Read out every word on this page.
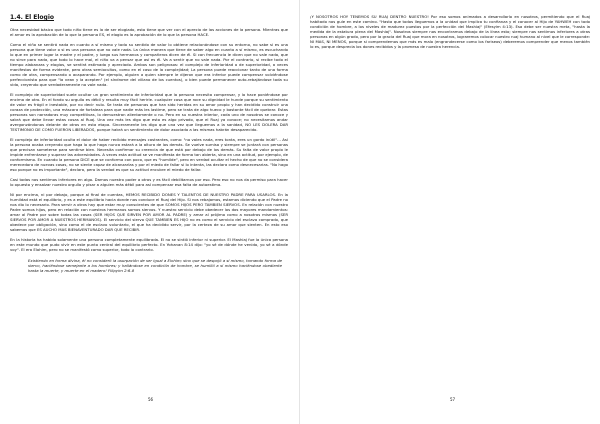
1.4. El Elogio

Otra necesidad básica que todo niño tiene es la de ser elogiado, esto tiene que ver con el aprecio de las acciones de la persona. Mientras que el amor es la aprobación de lo que la persona ES, el elogio es la aprobación de lo que la persona HACE.

Como el niño se sentirá nada en cuanto a sí mismo y todo su sentido de valor lo obtiene relacionándose con su entorno, no sabe si es una persona que tiene valor o si es una persona que no vale nada. La única manera que tiene de saber algo en cuanto a sí mismo, es escuchando lo que en primer lugar la madre y el padre, y luego sus hermanos y compañeros dicen de él. Si con frecuencia le dicen que no vale nada, que no sirve para nada, que todo lo hace mal, el niño va a pensar que así es él. Va a sentir que no vale nada. Por el contrario, si recibe todo el tiempo alabanzas y elogios, se sentirá estimado y apreciado. Ambos son peligrosos: el complejo de inferioridad o de superioridad, a veces manifestos de forma evidente, pero otras semiocultos, como en el caso de la complejidad; La persona puede reaccionar tanto de una forma como de otra, compensando o acaparando. Por ejemplo, alguien a quien siempre le dijeron que era inferior puede compensar volviéndose perfeccionista para que "la vean y la acepten" (el síndrome del villano de los cuentos), o bien puede permanecer auto-rebajándose toda su vida, creyendo que verdaderamente no vale nada.

El complejo de superioridad suele ocultar un gran sentimiento de inferioridad que la persona necesita compensar, y lo hace poniéndose por encima de otro. En el fondo su orgullo es débil y resulta muy fácil herirle. cualquier cosa que roce su dignidad le hunde porque su sentimiento de valor es frágil e inestable, por no decir nulo. Se trata de personas que han sido heridas en su amor propio y han decidido construir una coraza de protección, una máscara de fortaleza para que nadie más les lastime, pero se trata de algo hueco y bastante fácil de quebrar. Estas personas son narradoras muy competitivas, lo demuestran alientamente o no. Pero en su nuestra interior, cada uno de nosotros se conoce y sabrá que debe llevar estas cosas al Ruaj. Una vez más les digo que esto es algo privado, que el Ruaj ya conoce; no necesitamos andar avergonzándonos delante de otros en esta etapa. Sinceramente les digo que una vez que lleguemos a la sanidad, NO LES DOLERA DAR TESTIMONIO DE COMO FUERON LIBERADOS, porque habrá un sentimiento de dolor asociado a las mismas habrán desaparecido.

El complejo de inferioridad oculta el dolor de haber recibido mensajes castrantes, como: "no vales nada, eres tonta, eres un gordo inútil"… Así la persona acaba creyendo que haga lo que haga nunca estará a la altura de los demás. Se vuelve sumisa y siempre se juntará con personas que precisan someterse para sentirse bien. Necesita confirmar su creencia de que está por debajo de los demás. Su falta de valor propio le impide enfrentarse y superar las adversidades. A veces esta actitud se ve manifiesta de forma tan abierta, sino en una actitud, por ejemplo, de conformismo. En cuando la persona DICE que se conforma con poco, que es "humilde", pero en verdad ocultar el hecho de que no se considera merecedora de nuevas cosas, no se siente capaz de alcanzarlas y por el miedo de fallar si lo intenta, las declara como desnecesarias. "No hago eso porque no es importante", declara, pero la verdad es que su actitud encubre el miedo de fallar.

Casi todas nos sentimos inferiores en algo. Damos nuestro poder a otros y es fácil debilitarnos por eso. Pero eso no nos da permiso para hacer lo opuesto y ensalzar nuestro orgullo y pisar a alguien más débil para así compensar esa falta de autoestima.

Ni por encima, ni por debajo, porque al final de cuentas, HEMOS RECIBIDO DONES Y TALENTOS DE NUESTRO PADRE PARA USARLOS. En la humildad está el equilibrio, y es a este equilibrio hacia donde nos conduce el Ruaj del Hijo. Si nos rebajamos, estamos diciendo que el Padre no nos dio lo necesario. Para servir a otros hay que estar muy conscientes de que SOMOS HIJOS PERO TAMBIEN SIERVOS. En relación con nuestro Padre somos hijos, pero en relación con nuestros hermanos somos siervos. Y nuestro servicio debe obedecer los dos mayores mandamientos: amar al Padre por sobre todas las cosas (SER HIJOS QUE SIRVEN POR AMOR AL PADRE) y amar al prójimo como a nosotros mismos (SER SIERVOS POR AMOR A NUESTROS HERMANOS). El servicio del siervo QUE TAMBIEN ES HIJO no es como el servicio del esclavo comprado, que obedece por obligación, sino como el de esclavo voluntario, el que ha decidido servir, por la certeza de su amor que sienten. En esto eso sabemos que ES AUCHO MAS BIENAVENTURADO DAR QUE RECIBIR.

En la historia ha habido solamente una persona completamente equilibrada. El no se sintió inferior ni superior. El Mashiaj fue la única persona en este mundo que pudo vivir en este punto central del equilibrio perfecto. En Yohanan 8:14 dijo: "yo sé de dónde he venido, yo sé a dónde voy". El era Elohim, pero no se manifestó como superior, todo lo contrario.

Existiendo en forma divina, él no consideró la usurpación de ser igual a Elohim; sino que se despojó a sí mismo, tomando forma de siervo, haciéndose semejante a los hombres; y hallándose en condición de hombre, se humilló a sí mismo haciéndose obediente hasta la muerte, y muerte en el madero! Filipyim 2:6-8

56

¡Y NOSOTROS HOY TENEMOS SU RUAJ DENTRO NUESTRO! Por eso somos animados a desarrollarlo en nosotros, permitiendo que el Ruaj habitado nos guíe en este camino. "Hasta que todos lleguemos a la unidad que implica tu confianza y el conocer al Hijo de YAHWEH con todo condición de hombre, a los niveles de madurez puestos por la perfección del Mashiaj" (Efesyim 4:13). Esa debe ser nuestra meta, "hasta la medida de la estatura plena del Mashiaj". Nosotros siempre nos encontramos debajo de la línea esto; siempre nos sentimos inferiores a otras personas en algún grado, pero por la gracia del Ruaj que mora en nosotros, lograremos colocar nuestro ruaj humano al nivel que le corresponde: NI MAS, NI MENOS, porque si comprendemos que más es malo (engrandecerse como los fariseos) deberemos comprender que menos también lo es, porque desprecia los dones recibidos y la promesa de nuestra herencia.

57
